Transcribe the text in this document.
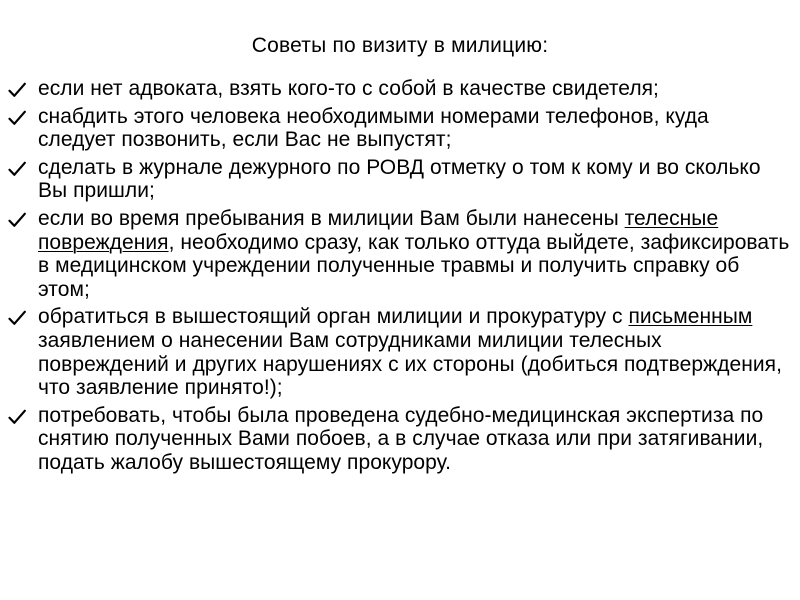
Советы по визиту в милицию:
если нет адвоката, взять кого-то с собой в качестве свидетеля;
снабдить этого человека необходимыми номерами телефонов, куда следует позвонить, если Вас не выпустят;
сделать в журнале дежурного по РОВД отметку о том к кому и во сколько Вы пришли;
если во время пребывания в милиции Вам были нанесены телесные повреждения, необходимо сразу, как только оттуда выйдете, зафиксировать в медицинском учреждении полученные травмы и получить справку об этом;
обратиться в вышестоящий орган милиции и прокуратуру с письменным заявлением о нанесении Вам сотрудниками милиции телесных повреждений и других нарушениях с их стороны (добиться подтверждения, что заявление принято!);
потребовать, чтобы была проведена судебно-медицинская экспертиза по снятию полученных Вами побоев, а в случае отказа или при затягивании, подать жалобу вышестоящему прокурору.
